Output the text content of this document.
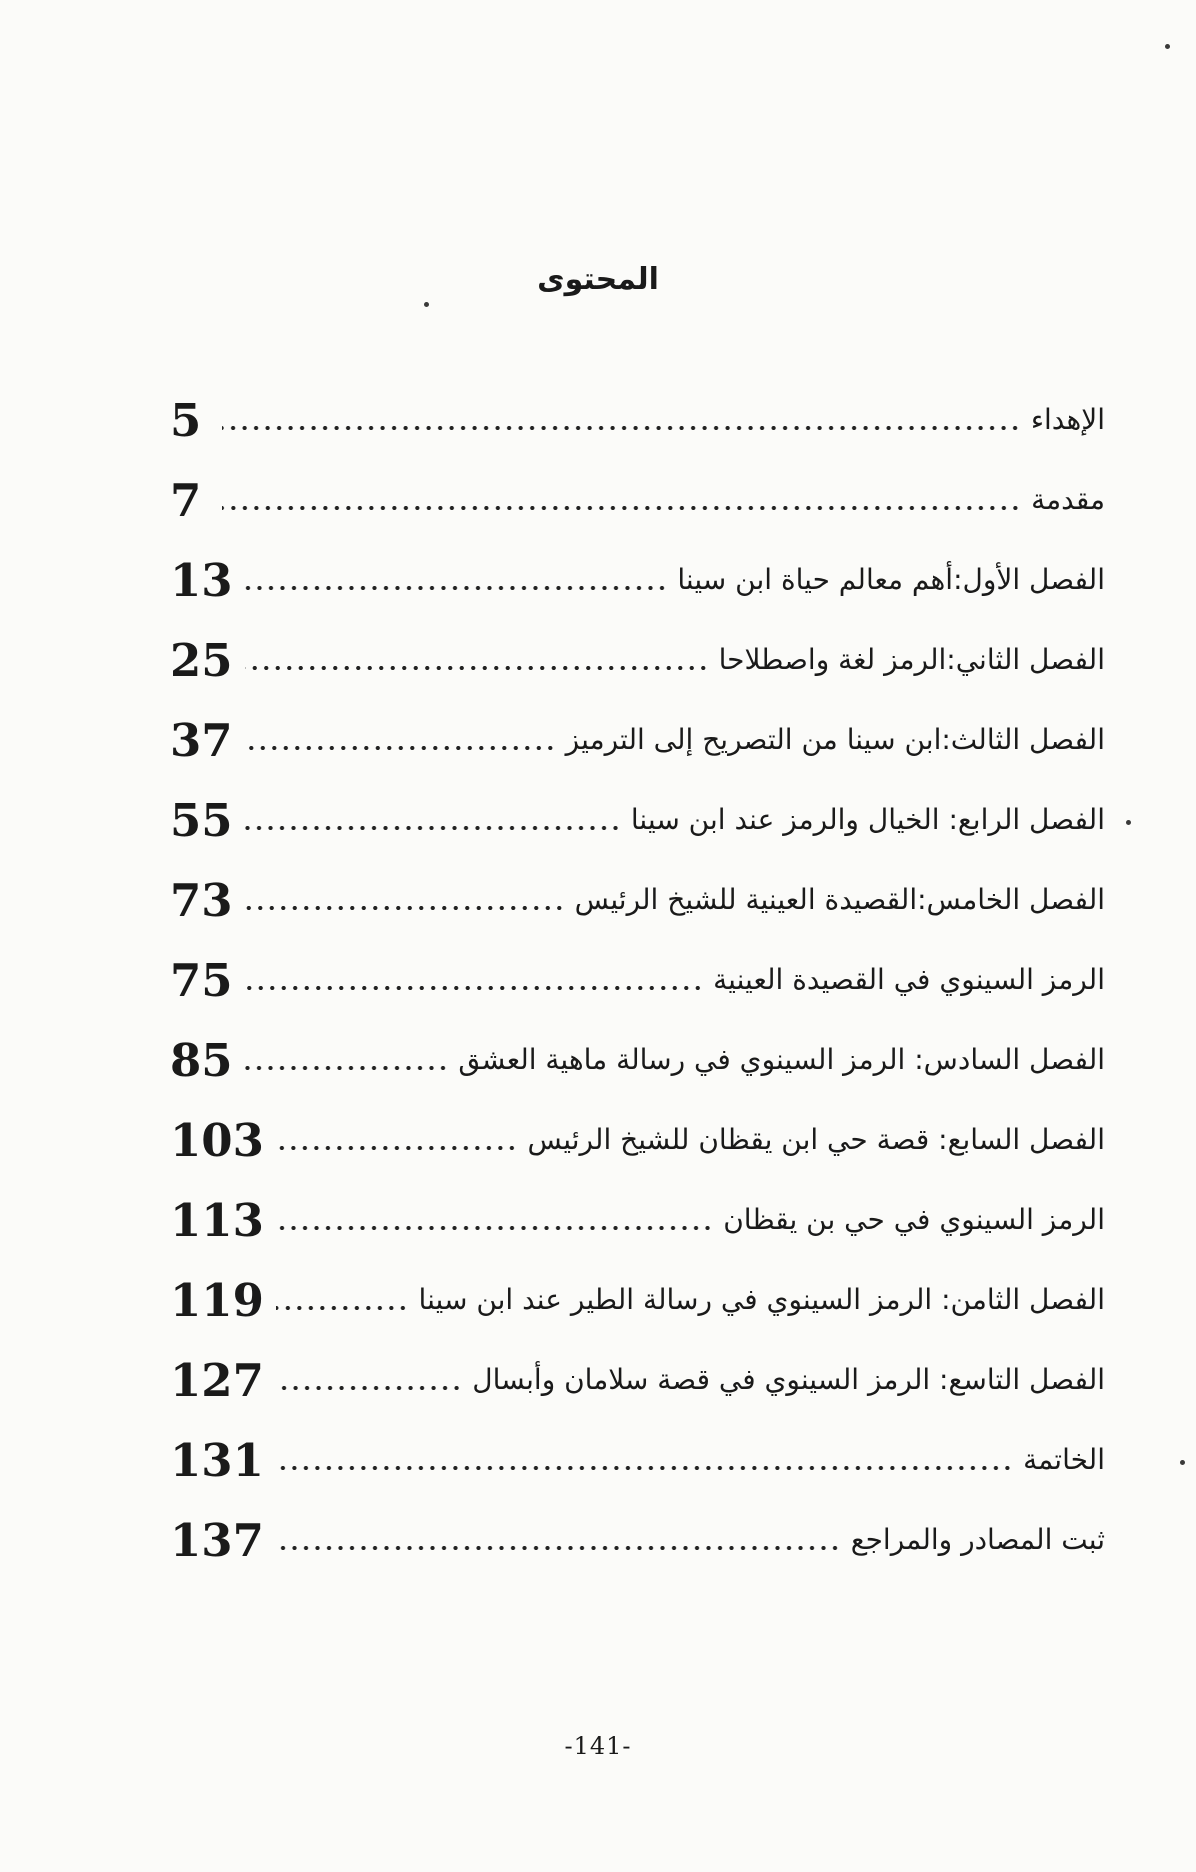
المحتوى
5	الإهداء
7	مقدمة
13	الفصل الأول:أهم معالم حياة ابن سينا
25	الفصل الثاني:الرمز لغة واصطلاحا
37	الفصل الثالث:ابن سينا من التصريح إلى الترميز
55	الفصل الرابع: الخيال والرمز عند ابن سينا
73	الفصل الخامس:القصيدة العينية للشيخ الرئيس
75	الرمز السينوي في القصيدة العينية
85	الفصل السادس: الرمز السينوي في رسالة ماهية العشق
103	الفصل السابع: قصة حي ابن يقظان للشيخ الرئيس
113	الرمز السينوي في حي بن يقظان
119	الفصل الثامن: الرمز السينوي في رسالة الطير عند ابن سينا
127	الفصل التاسع: الرمز السينوي في قصة سلامان وأبسال
131	الخاتمة
137	ثبت المصادر والمراجع
-141-
